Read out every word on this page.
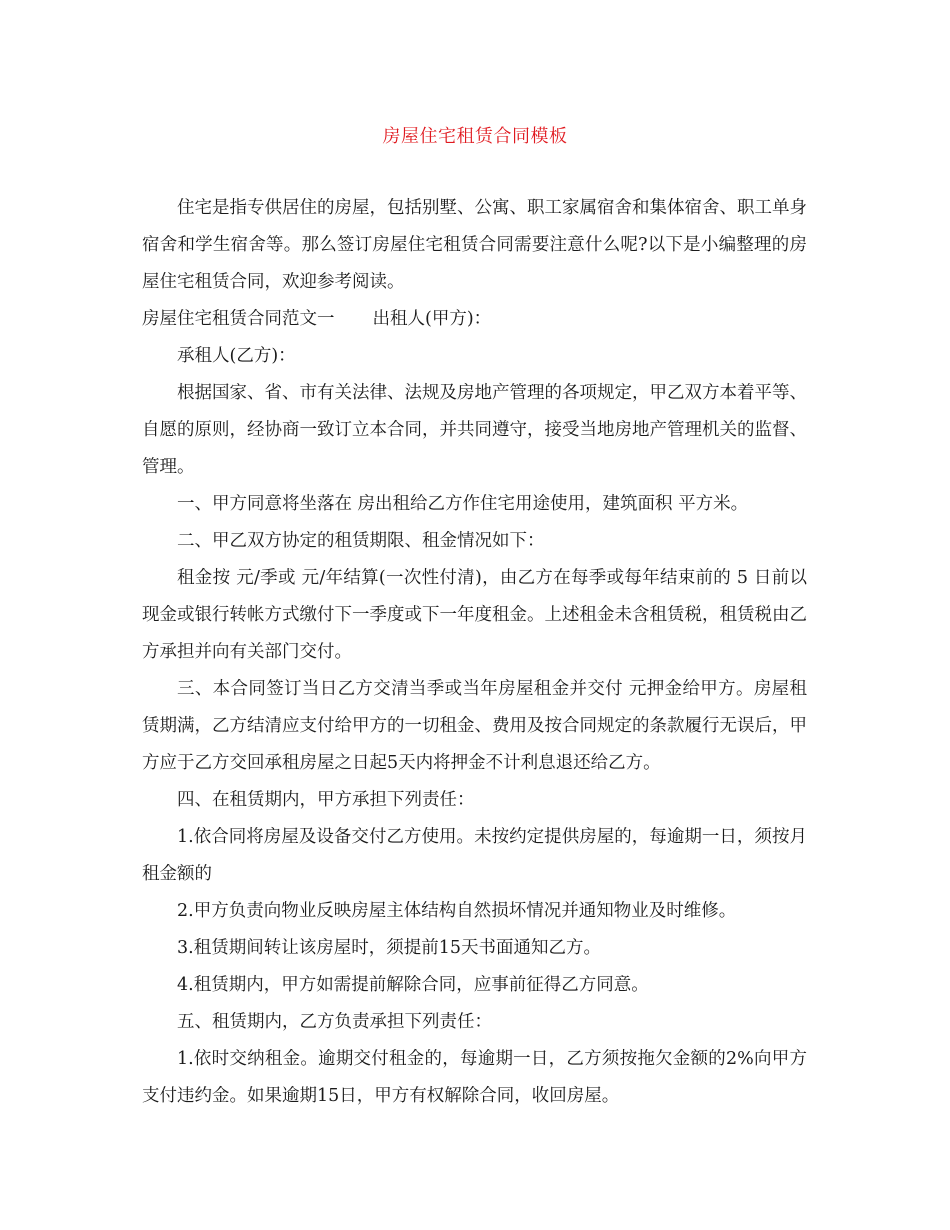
房屋住宅租赁合同模板

住宅是指专供居住的房屋，包括别墅、公寓、职工家属宿舍和集体宿舍、职工单身宿舍和学生宿舍等。那么签订房屋住宅租赁合同需要注意什么呢?以下是小编整理的房屋住宅租赁合同，欢迎参考阅读。

房屋住宅租赁合同范文一 出租人(甲方)：

承租人(乙方)：

根据国家、省、市有关法律、法规及房地产管理的各项规定，甲乙双方本着平等、自愿的原则，经协商一致订立本合同，并共同遵守，接受当地房地产管理机关的监督、管理。

一、甲方同意将坐落在 房出租给乙方作住宅用途使用，建筑面积 平方米。

二、甲乙双方协定的租赁期限、租金情况如下：

租金按 元/季或 元/年结算(一次性付清)，由乙方在每季或每年结束前的 5 日前以现金或银行转帐方式缴付下一季度或下一年度租金。上述租金未含租赁税，租赁税由乙方承担并向有关部门交付。

三、本合同签订当日乙方交清当季或当年房屋租金并交付 元押金给甲方。房屋租赁期满，乙方结清应支付给甲方的一切租金、费用及按合同规定的条款履行无误后，甲方应于乙方交回承租房屋之日起5天内将押金不计利息退还给乙方。

四、在租赁期内，甲方承担下列责任：

1.依合同将房屋及设备交付乙方使用。未按约定提供房屋的，每逾期一日，须按月租金额的

2.甲方负责向物业反映房屋主体结构自然损坏情况并通知物业及时维修。

3.租赁期间转让该房屋时，须提前15天书面通知乙方。

4.租赁期内，甲方如需提前解除合同，应事前征得乙方同意。

五、租赁期内，乙方负责承担下列责任：

1.依时交纳租金。逾期交付租金的，每逾期一日，乙方须按拖欠金额的2%向甲方支付违约金。如果逾期15日，甲方有权解除合同，收回房屋。
